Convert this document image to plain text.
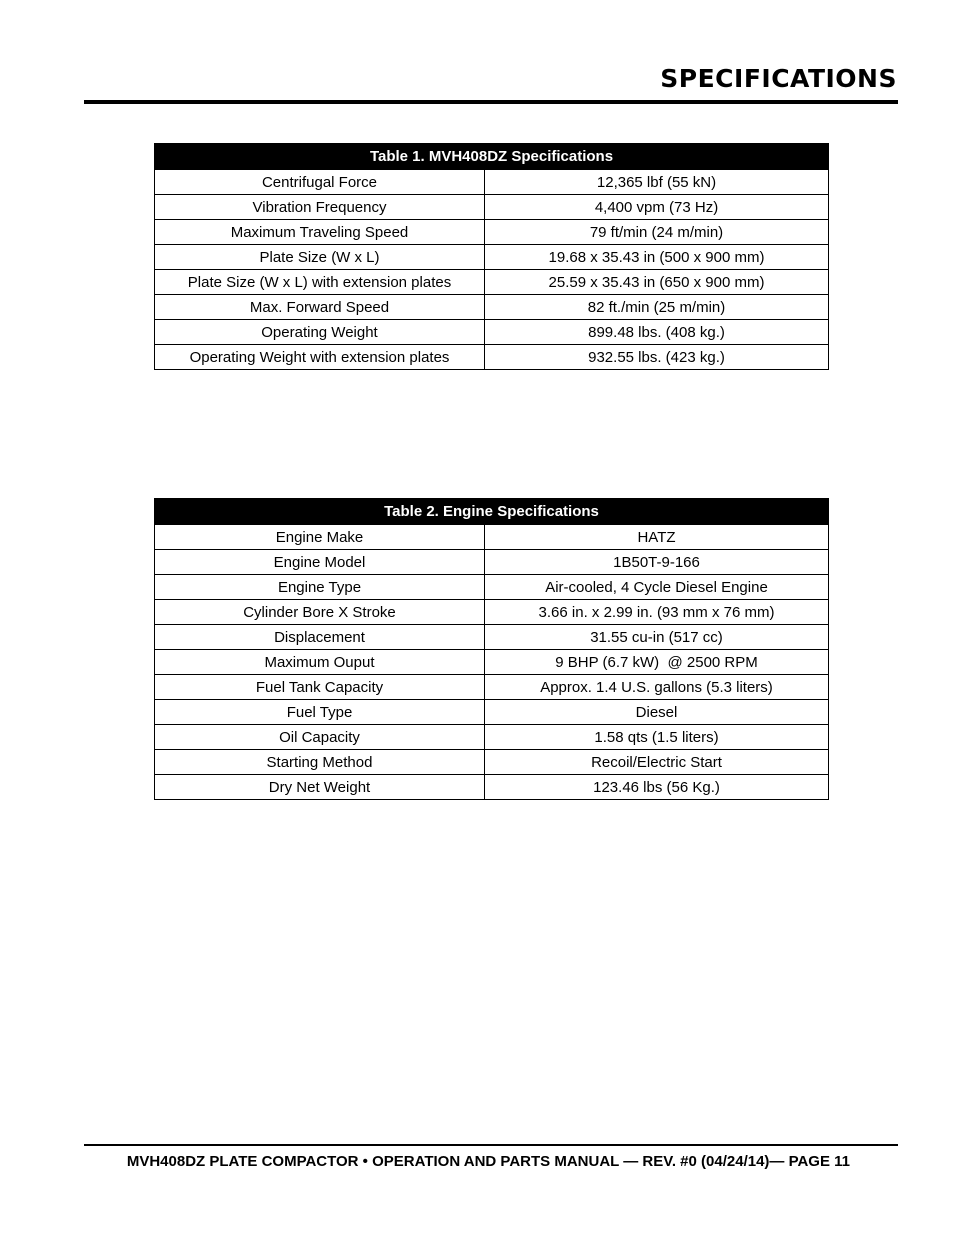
SPECIFICATIONS
Table 1. MVH408DZ Specifications	
Centrifugal Force	12,365 lbf (55 kN)
Vibration Frequency	4,400 vpm (73 Hz)
Maximum Traveling Speed	79 ft/min (24 m/min)
Plate Size (W x L)	19.68 x 35.43 in (500 x 900 mm)
Plate Size (W x L) with extension plates	25.59 x 35.43 in (650 x 900 mm)
Max. Forward Speed	82 ft./min (25 m/min)
Operating Weight	899.48 lbs. (408 kg.)
Operating Weight with extension plates	932.55 lbs. (423 kg.)
Table 2. Engine Specifications	
Engine Make	HATZ
Engine Model	1B50T-9-166
Engine Type	Air-cooled, 4 Cycle Diesel Engine
Cylinder Bore X Stroke	3.66 in. x 2.99 in. (93 mm x 76 mm)
Displacement	31.55 cu-in (517 cc)
Maximum Ouput	9 BHP (6.7 kW)  @ 2500 RPM
Fuel Tank Capacity	Approx. 1.4 U.S. gallons (5.3 liters)
Fuel Type	Diesel
Oil Capacity	1.58 qts (1.5 liters)
Starting Method	Recoil/Electric Start
Dry Net Weight	123.46 lbs (56 Kg.)
MVH408DZ PLATE COMPACTOR • OPERATION AND PARTS MANUAL — REV. #0 (04/24/14)— PAGE 11
